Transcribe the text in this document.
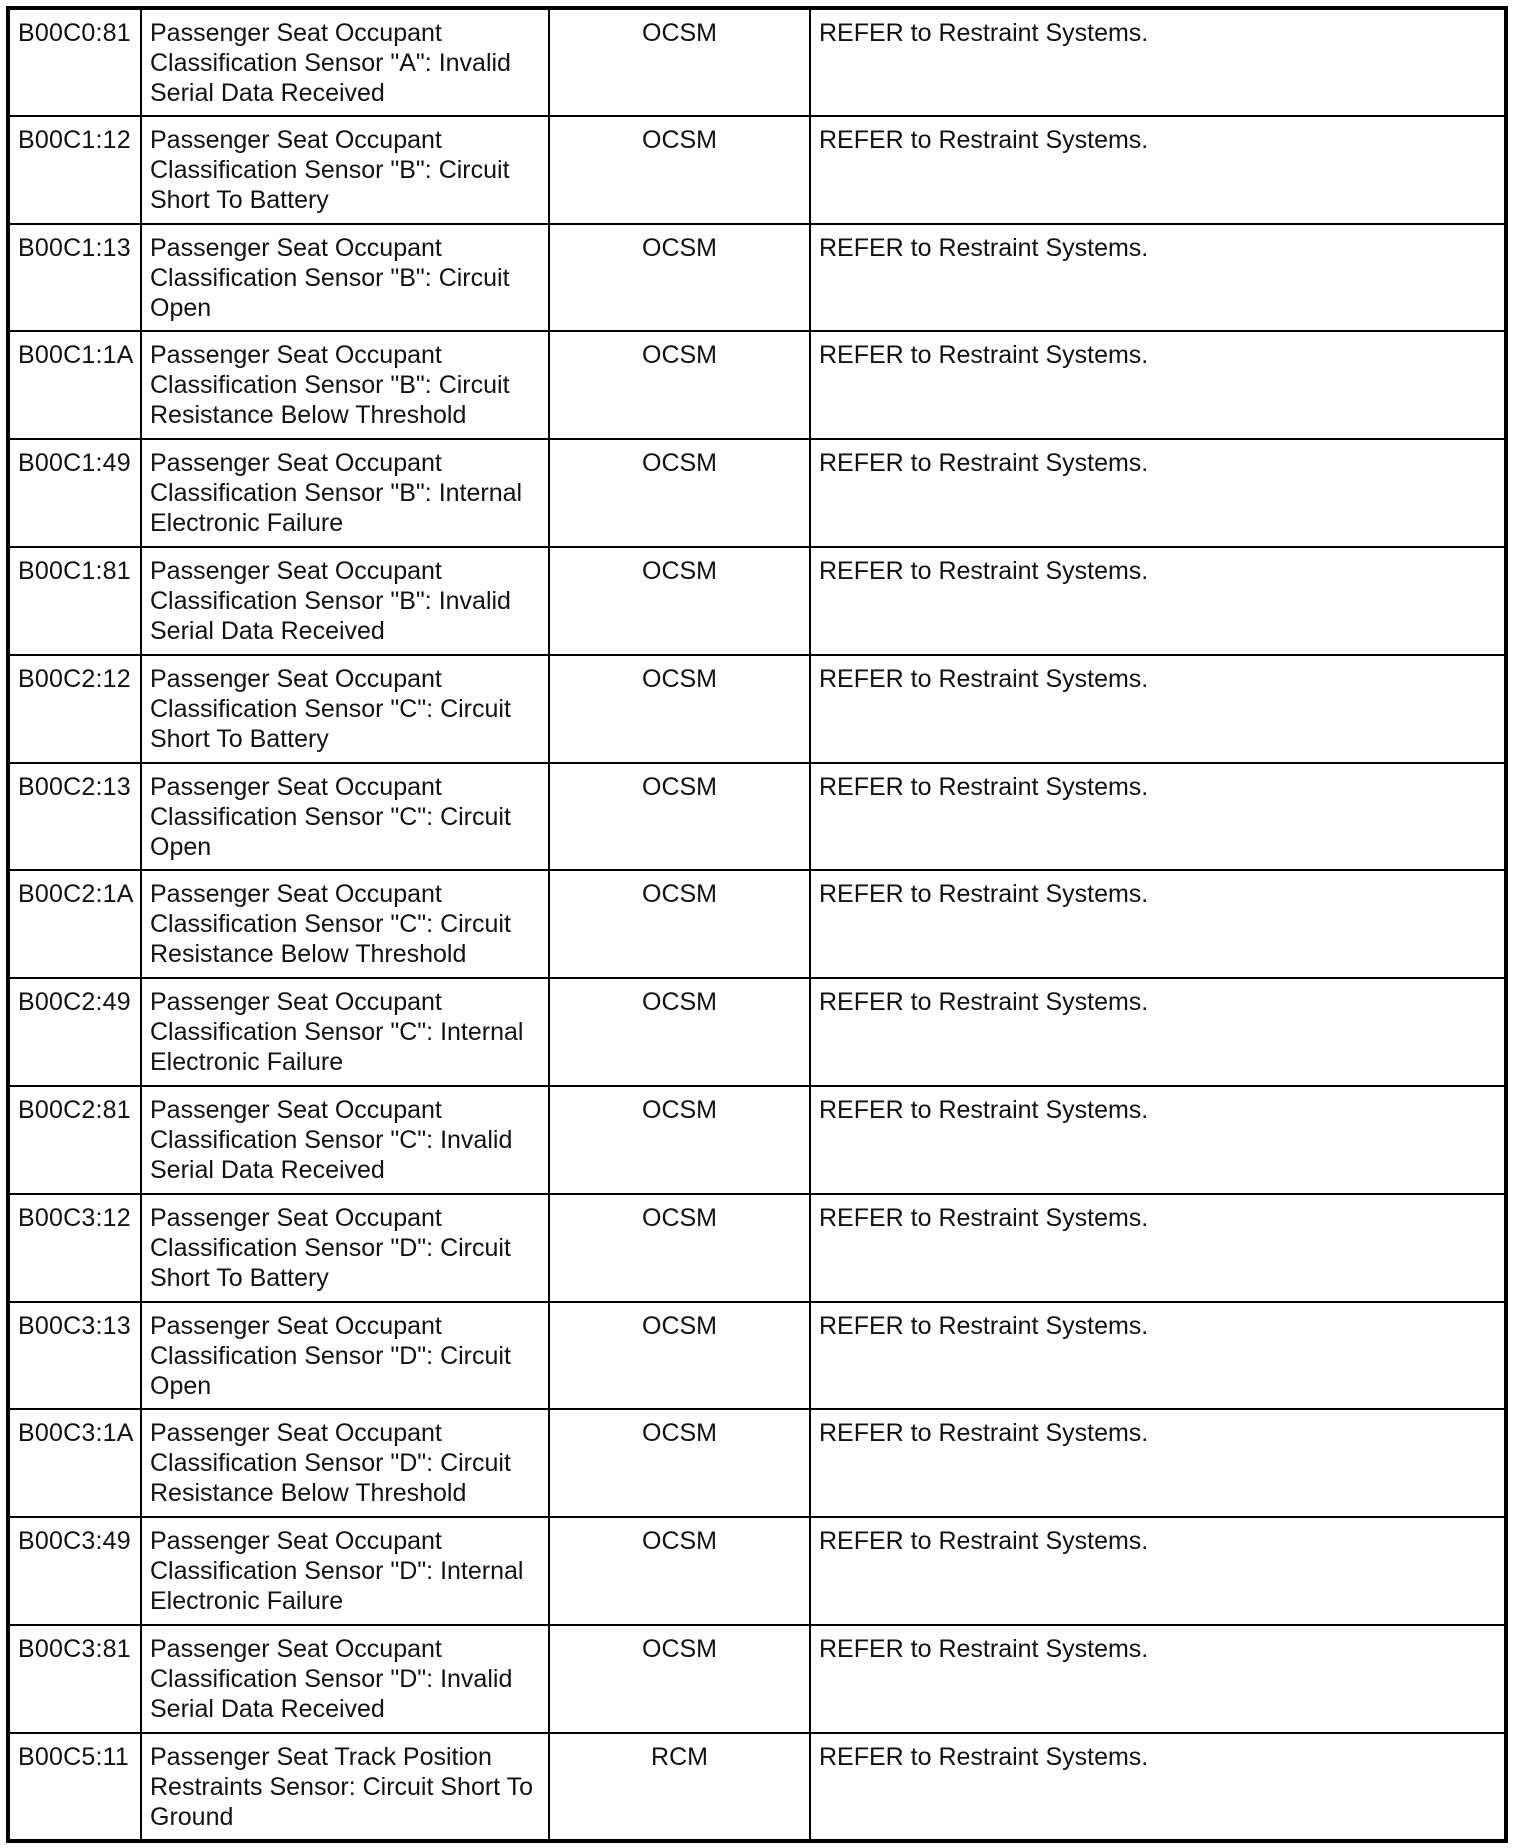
B00C0:81	Passenger Seat Occupant Classification Sensor "A": Invalid Serial Data Received	OCSM	REFER to Restraint Systems.
B00C1:12	Passenger Seat Occupant Classification Sensor "B": Circuit Short To Battery	OCSM	REFER to Restraint Systems.
B00C1:13	Passenger Seat Occupant Classification Sensor "B": Circuit Open	OCSM	REFER to Restraint Systems.
B00C1:1A	Passenger Seat Occupant Classification Sensor "B": Circuit Resistance Below Threshold	OCSM	REFER to Restraint Systems.
B00C1:49	Passenger Seat Occupant Classification Sensor "B": Internal Electronic Failure	OCSM	REFER to Restraint Systems.
B00C1:81	Passenger Seat Occupant Classification Sensor "B": Invalid Serial Data Received	OCSM	REFER to Restraint Systems.
B00C2:12	Passenger Seat Occupant Classification Sensor "C": Circuit Short To Battery	OCSM	REFER to Restraint Systems.
B00C2:13	Passenger Seat Occupant Classification Sensor "C": Circuit Open	OCSM	REFER to Restraint Systems.
B00C2:1A	Passenger Seat Occupant Classification Sensor "C": Circuit Resistance Below Threshold	OCSM	REFER to Restraint Systems.
B00C2:49	Passenger Seat Occupant Classification Sensor "C": Internal Electronic Failure	OCSM	REFER to Restraint Systems.
B00C2:81	Passenger Seat Occupant Classification Sensor "C": Invalid Serial Data Received	OCSM	REFER to Restraint Systems.
B00C3:12	Passenger Seat Occupant Classification Sensor "D": Circuit Short To Battery	OCSM	REFER to Restraint Systems.
B00C3:13	Passenger Seat Occupant Classification Sensor "D": Circuit Open	OCSM	REFER to Restraint Systems.
B00C3:1A	Passenger Seat Occupant Classification Sensor "D": Circuit Resistance Below Threshold	OCSM	REFER to Restraint Systems.
B00C3:49	Passenger Seat Occupant Classification Sensor "D": Internal Electronic Failure	OCSM	REFER to Restraint Systems.
B00C3:81	Passenger Seat Occupant Classification Sensor "D": Invalid Serial Data Received	OCSM	REFER to Restraint Systems.
B00C5:11	Passenger Seat Track Position Restraints Sensor: Circuit Short To Ground	RCM	REFER to Restraint Systems.
